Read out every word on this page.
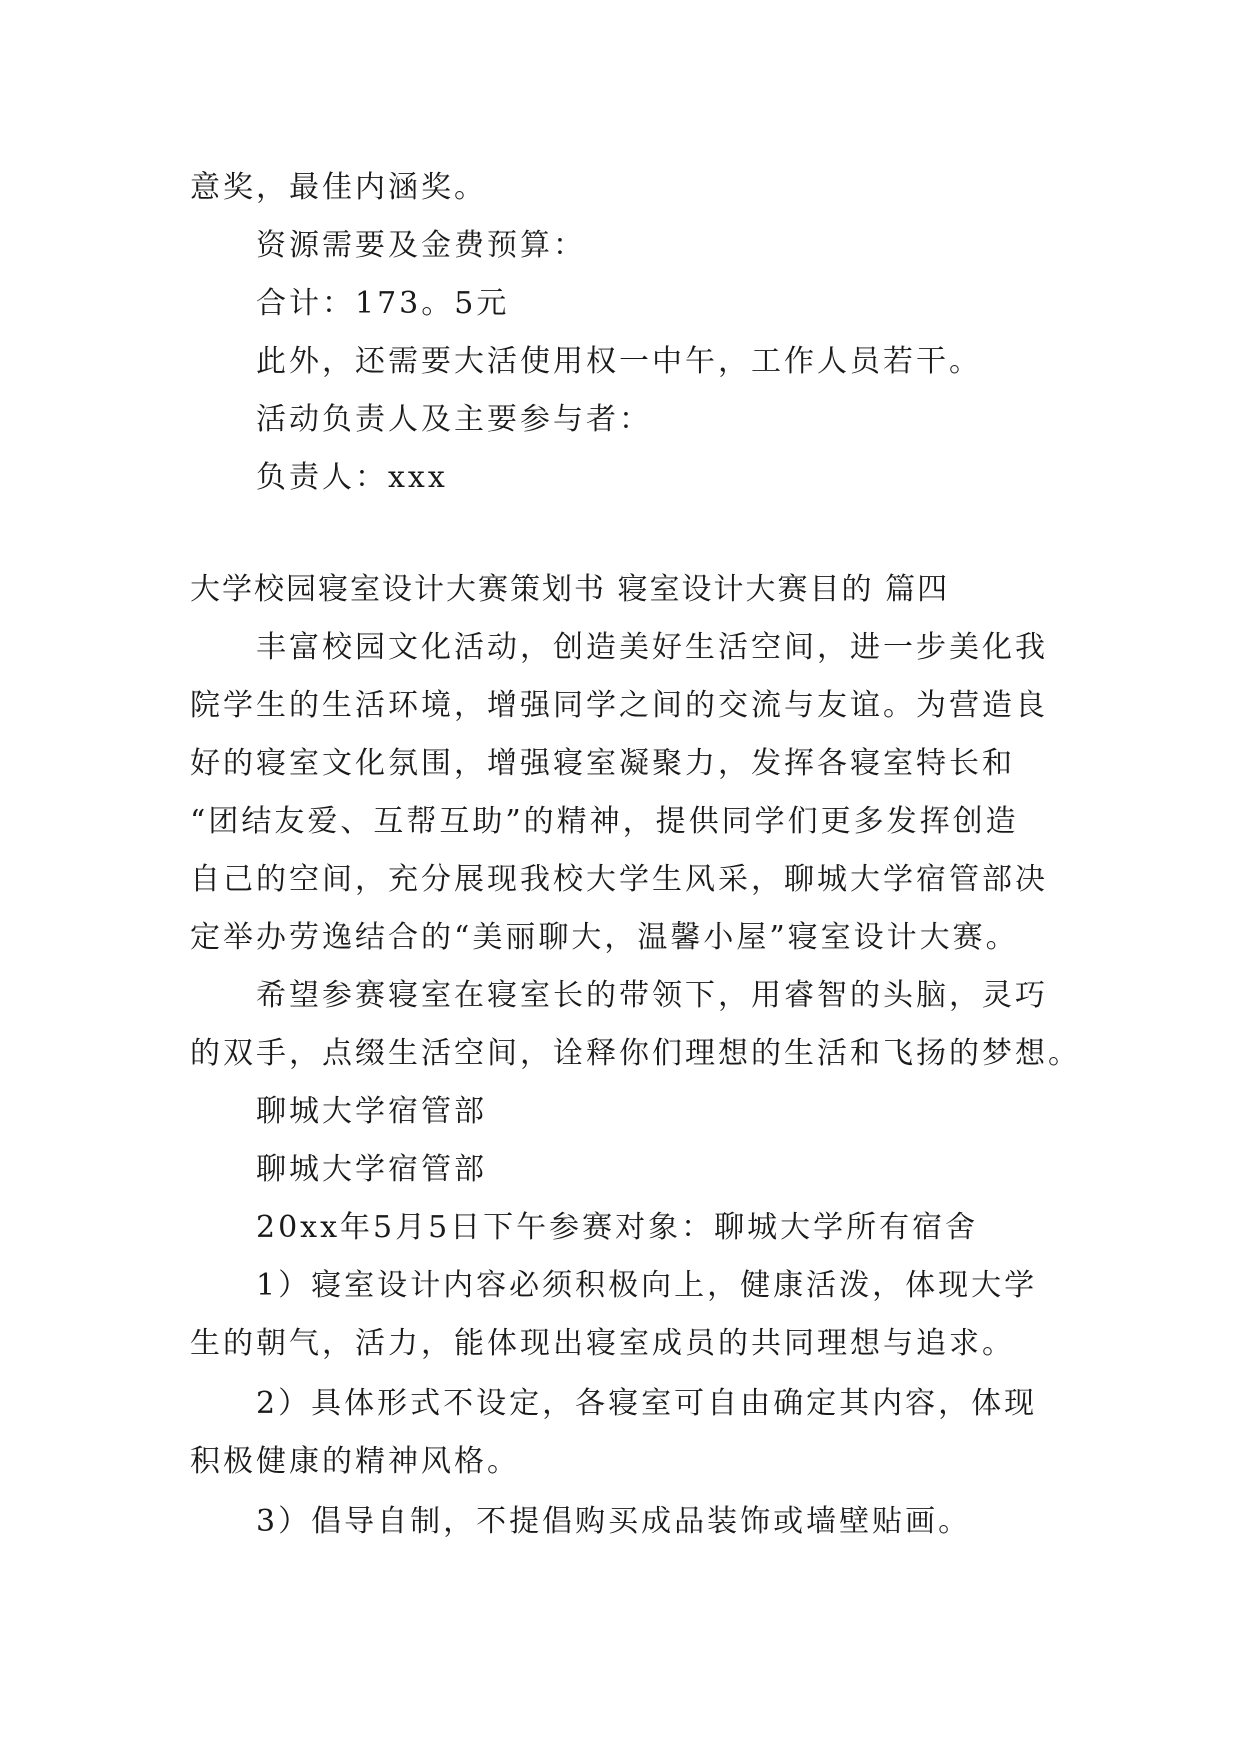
意奖，最佳内涵奖。
资源需要及金费预算：
合计：173。5元
此外，还需要大活使用权一中午，工作人员若干。
活动负责人及主要参与者：
负责人：xxx
大学校园寝室设计大赛策划书 寝室设计大赛目的 篇四
丰富校园文化活动，创造美好生活空间，进一步美化我
院学生的生活环境，增强同学之间的交流与友谊。为营造良
好的寝室文化氛围，增强寝室凝聚力，发挥各寝室特长和
“团结友爱、互帮互助”的精神，提供同学们更多发挥创造
自己的空间，充分展现我校大学生风采，聊城大学宿管部决
定举办劳逸结合的“美丽聊大，温馨小屋”寝室设计大赛。
希望参赛寝室在寝室长的带领下，用睿智的头脑，灵巧
的双手，点缀生活空间，诠释你们理想的生活和飞扬的梦想。
聊城大学宿管部
聊城大学宿管部
20xx年5月5日下午参赛对象：聊城大学所有宿舍
1）寝室设计内容必须积极向上，健康活泼，体现大学
生的朝气，活力，能体现出寝室成员的共同理想与追求。
2）具体形式不设定，各寝室可自由确定其内容，体现
积极健康的精神风格。
3）倡导自制，不提倡购买成品装饰或墙壁贴画。
